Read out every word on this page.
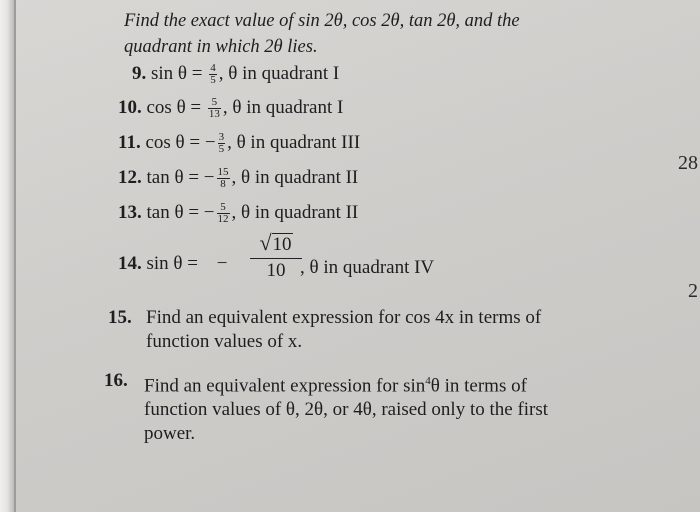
Find the exact value of sin 2θ, cos 2θ, tan 2θ, and the
quadrant in which 2θ lies.
9. $\sin \theta = \frac{4}{5}$ , θ in quadrant I
10. $\cos \theta = \frac{5}{13}$ , θ in quadrant I
11. cos θ = − $\frac{3}{5}$ , θ in quadrant III
12. tan θ = − $\frac{15}{8}$ , θ in quadrant II
13. tan θ = − $\frac{5}{12}$ , θ in quadrant II
14. sin θ = − $\frac{√10}{10}$
, θ in quadrant IV
15. Find an equivalent expression for cos 4x in terms of
function values of x.
16. Find an equivalent expression for $\sin^4\theta$ in terms of
function values of θ, 2θ, or 4θ, raised only to the first
power.
28
2
